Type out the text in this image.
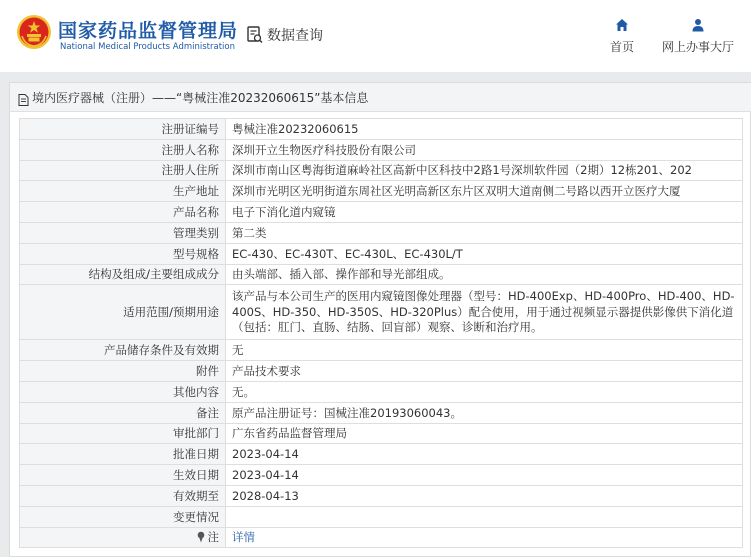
国家药品监督管理局
National Medical Products Administration
数据查询
首页	网上办事大厅
境内医疗器械（注册）——“粤械注准20232060615”基本信息
注册证编号	粤械注准20232060615
注册人名称	深圳开立生物医疗科技股份有限公司
注册人住所	深圳市南山区粤海街道麻岭社区高新中区科技中2路1号深圳软件园（2期）12栋201、202
生产地址	深圳市光明区光明街道东周社区光明高新区东片区双明大道南侧二号路以西开立医疗大厦
产品名称	电子下消化道内窥镜
管理类别	第二类
型号规格	EC-430、EC-430T、EC-430L、EC-430L/T
结构及组成/主要组成成分	由头端部、插入部、操作部和导光部组成。
适用范围/预期用途	该产品与本公司生产的医用内窥镜图像处理器（型号：HD-400Exp、HD-400Pro、HD-400、HD-400S、HD-350、HD-350S、HD-320Plus）配合使用，用于通过视频显示器提供影像供下消化道（包括：肛门、直肠、结肠、回盲部）观察、诊断和治疗用。
产品储存条件及有效期	无
附件	产品技术要求
其他内容	无。
备注	原产品注册证号：国械注准20193060043。
审批部门	广东省药品监督管理局
批准日期	2023-04-14
生效日期	2023-04-14
有效期至	2028-04-13
变更情况	
注	详情
